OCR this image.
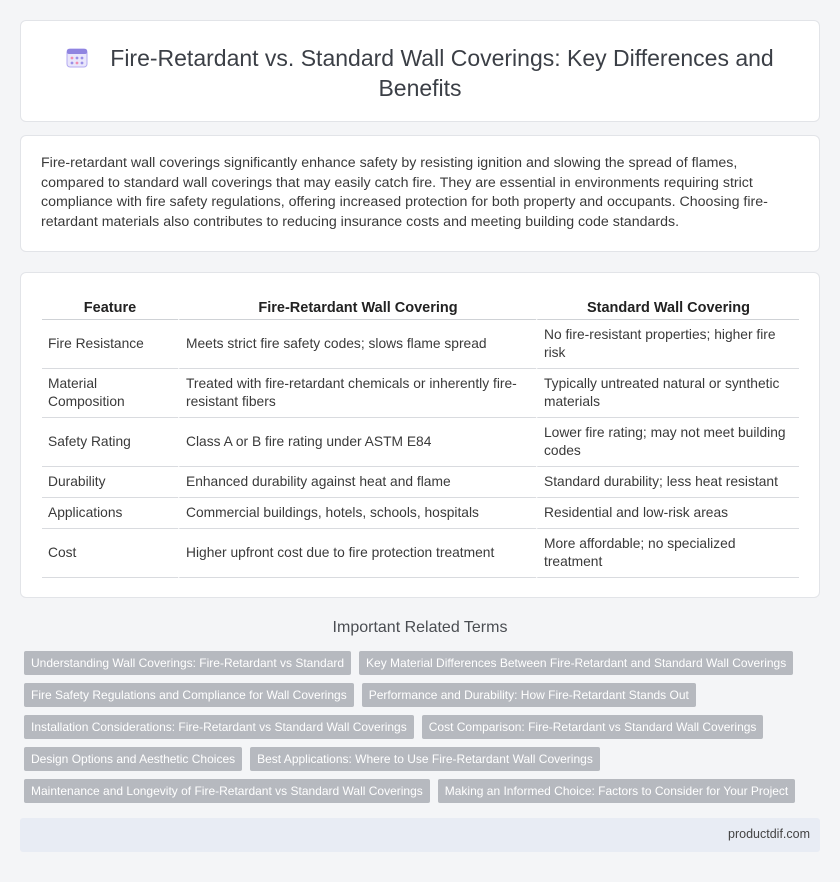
Fire-Retardant vs. Standard Wall Coverings: Key Differences and
Benefits

Fire-retardant wall coverings significantly enhance safety by resisting ignition and slowing the spread of flames, compared to standard wall coverings that may easily catch fire. They are essential in environments requiring strict compliance with fire safety regulations, offering increased protection for both property and occupants. Choosing fire-retardant materials also contributes to reducing insurance costs and meeting building code standards.

Feature	Fire-Retardant Wall Covering	Standard Wall Covering
Fire Resistance	Meets strict fire safety codes; slows flame spread	No fire-resistant properties; higher fire risk
Material Composition	Treated with fire-retardant chemicals or inherently fire-resistant fibers	Typically untreated natural or synthetic materials
Safety Rating	Class A or B fire rating under ASTM E84	Lower fire rating; may not meet building codes
Durability	Enhanced durability against heat and flame	Standard durability; less heat resistant
Applications	Commercial buildings, hotels, schools, hospitals	Residential and low-risk areas
Cost	Higher upfront cost due to fire protection treatment	More affordable; no specialized treatment
Important Related Terms
Understanding Wall Coverings: Fire-Retardant vs Standard	Key Material Differences Between Fire-Retardant and Standard Wall Coverings
Fire Safety Regulations and Compliance for Wall Coverings	Performance and Durability: How Fire-Retardant Stands Out
Installation Considerations: Fire-Retardant vs Standard Wall Coverings	Cost Comparison: Fire-Retardant vs Standard Wall Coverings
Design Options and Aesthetic Choices	Best Applications: Where to Use Fire-Retardant Wall Coverings
Maintenance and Longevity of Fire-Retardant vs Standard Wall Coverings	Making an Informed Choice: Factors to Consider for Your Project
productdif.com
